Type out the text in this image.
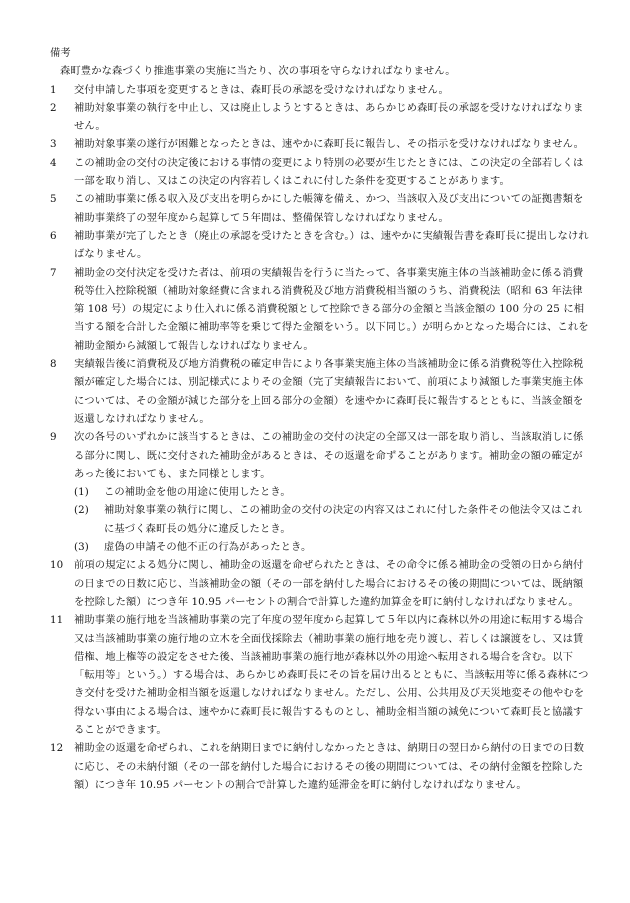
備考

森町豊かな森づくり推進事業の実施に当たり、次の事項を守らなければなりません。

1	交付申請した事項を変更するときは、森町長の承認を受けなければなりません。
2	補助対象事業の執行を中止し、又は廃止しようとするときは、あらかじめ森町長の承認を受けなければなりません。
3	補助対象事業の遂行が困難となったときは、速やかに森町長に報告し、その指示を受けなければなりません。
4	この補助金の交付の決定後における事情の変更により特別の必要が生じたときには、この決定の全部若しくは一部を取り消し、又はこの決定の内容若しくはこれに付した条件を変更することがあります。
5	この補助事業に係る収入及び支出を明らかにした帳簿を備え、かつ、当該収入及び支出についての証拠書類を補助事業終了の翌年度から起算して５年間は、整備保管しなければなりません。
6	補助事業が完了したとき（廃止の承認を受けたときを含む。）は、速やかに実績報告書を森町長に提出しなければなりません。
7	補助金の交付決定を受けた者は、前項の実績報告を行うに当たって、各事業実施主体の当該補助金に係る消費税等仕入控除税額（補助対象経費に含まれる消費税及び地方消費税相当額のうち、消費税法（昭和 63 年法律第 108 号）の規定により仕入れに係る消費税額として控除できる部分の金額と当該金額の 100 分の 25 に相当する額を合計した金額に補助率等を乗じて得た金額をいう。以下同じ。）が明らかとなった場合には、これを補助金額から減額して報告しなければなりません。
8	実績報告後に消費税及び地方消費税の確定申告により各事業実施主体の当該補助金に係る消費税等仕入控除税額が確定した場合には、別記様式によりその金額（完了実績報告において、前項により減額した事業実施主体については、その金額が減じた部分を上回る部分の金額）を速やかに森町長に報告するとともに、当該金額を返還しなければなりません。
9	次の各号のいずれかに該当するときは、この補助金の交付の決定の全部又は一部を取り消し、当該取消しに係る部分に関し、既に交付された補助金があるときは、その返還を命ずることがあります。補助金の額の確定があった後においても、また同様とします。
(1)	この補助金を他の用途に使用したとき。
(2)	補助対象事業の執行に関し、この補助金の交付の決定の内容又はこれに付した条件その他法令又はこれに基づく森町長の処分に違反したとき。
(3)	虚偽の申請その他不正の行為があったとき。
10	前項の規定による処分に関し、補助金の返還を命ぜられたときは、その命令に係る補助金の受領の日から納付の日までの日数に応じ、当該補助金の額（その一部を納付した場合におけるその後の期間については、既納額を控除した額）につき年 10.95 パーセントの割合で計算した違約加算金を町に納付しなければなりません。
11	補助事業の施行地を当該補助事業の完了年度の翌年度から起算して５年以内に森林以外の用途に転用する場合又は当該補助事業の施行地の立木を全面伐採除去（補助事業の施行地を売り渡し、若しくは譲渡をし、又は賃借権、地上権等の設定をさせた後、当該補助事業の施行地が森林以外の用途へ転用される場合を含む。以下「転用等」という。）する場合は、あらかじめ森町長にその旨を届け出るとともに、当該転用等に係る森林につき交付を受けた補助金相当額を返還しなければなりません。ただし、公用、公共用及び天災地変その他やむを得ない事由による場合は、速やかに森町長に報告するものとし、補助金相当額の減免について森町長と協議することができます。
12	補助金の返還を命ぜられ、これを納期日までに納付しなかったときは、納期日の翌日から納付の日までの日数に応じ、その未納付額（その一部を納付した場合におけるその後の期間については、その納付金額を控除した額）につき年 10.95 パーセントの割合で計算した違約延滞金を町に納付しなければなりません。
